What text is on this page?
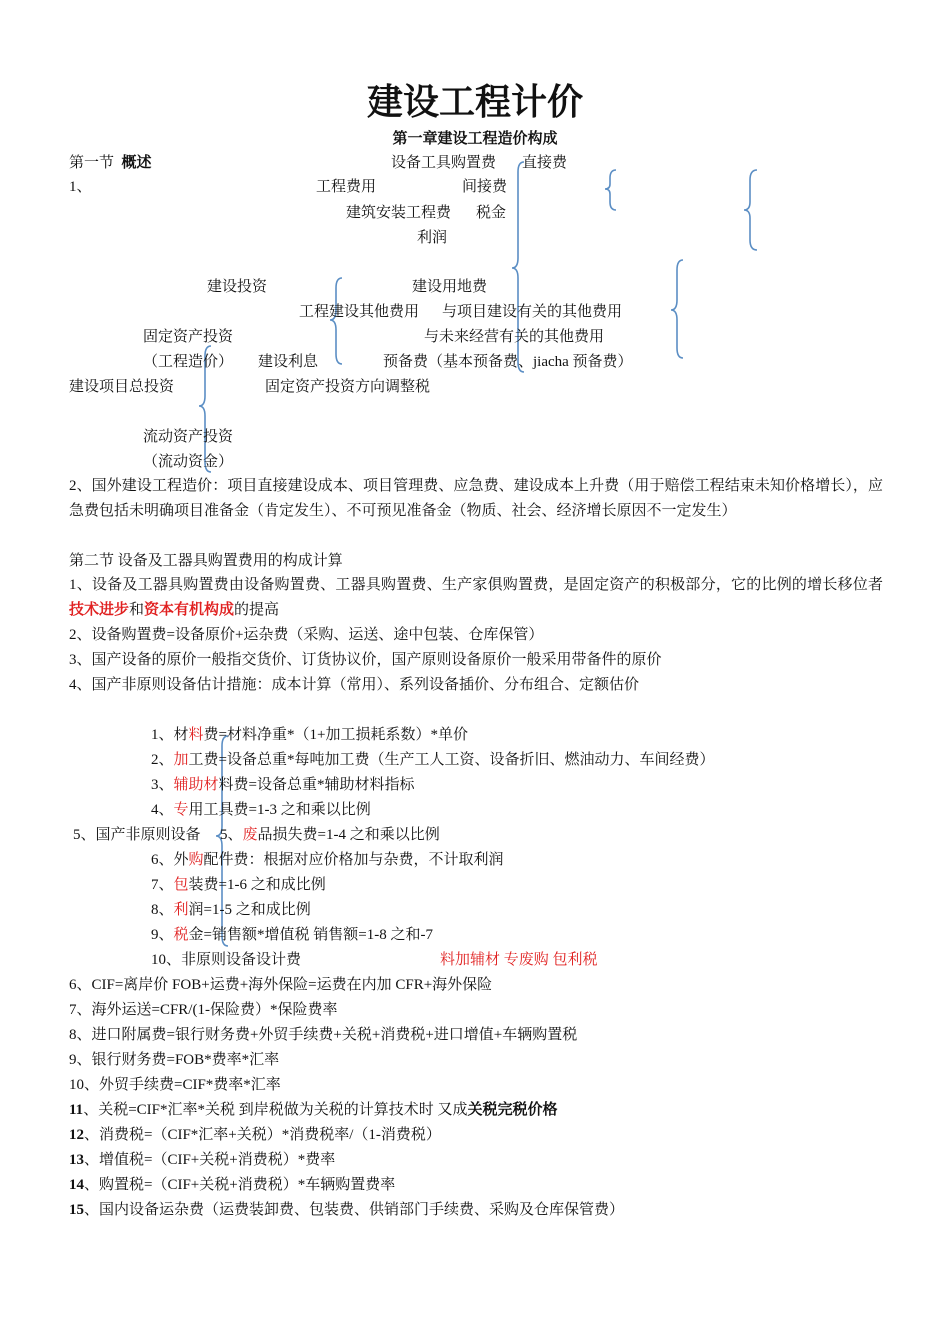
建设工程计价
第一章建设工程造价构成
第一节 概述	设备工具购置费 直接费
1、	工程费用	间接费
建筑安装工程费 税金
利润
建设投资	建设用地费
工程建设其他费用 与项目建设有关的其他费用
固定资产投资	与未来经营有关的其他费用
（工程造价） 建设利息	预备费（基本预备费、jiacha 预备费）
建设项目总投资	固定资产投资方向调整税
流动资产投资
（流动资金）
2、国外建设工程造价：项目直接建设成本、项目管理费、应急费、建设成本上升费（用于赔偿工程结束未知价格增长），应急费包括未明确项目准备金（肯定发生）、不可预见准备金（物质、社会、经济增长原因不一定发生）
第二节 设备及工器具购置费用的构成计算
1、设备及工器具购置费由设备购置费、工器具购置费、生产家俱购置费，是固定资产的积极部分，它的比例的增长移位者技术进步和资本有机构成的提高
2、设备购置费=设备原价+运杂费（采购、运送、途中包装、仓库保管）
3、国产设备的原价一般指交货价、订货协议价，国产原则设备原价一般采用带备件的原价
4、国产非原则设备估计措施：成本计算（常用）、系列设备插价、分布组合、定额估价
1、材料费=材料净重*（1+加工损耗系数）*单价
2、加工费=设备总重*每吨加工费（生产工人工资、设备折旧、燃油动力、车间经费）
3、辅助材料费=设备总重*辅助材料指标
4、专用工具费=1-3 之和乘以比例
5、国产非原则设备 5、废品损失费=1-4 之和乘以比例
6、外购配件费：根据对应价格加与杂费，不计取利润
7、包装费=1-6 之和成比例
8、利润=1-5 之和成比例
9、税金=销售额*增值税 销售额=1-8 之和-7
10、非原则设备设计费	料加辅材 专废购 包利税
6、CIF=离岸价 FOB+运费+海外保险=运费在内加 CFR+海外保险
7、海外运送=CFR/(1-保险费）*保险费率
8、进口附属费=银行财务费+外贸手续费+关税+消费税+进口增值+车辆购置税
9、银行财务费=FOB*费率*汇率
10、外贸手续费=CIF*费率*汇率
11、关税=CIF*汇率*关税 到岸税做为关税的计算技术时 又成关税完税价格
12、消费税=（CIF*汇率+关税）*消费税率/（1-消费税）
13、增值税=（CIF+关税+消费税）*费率
14、购置税=（CIF+关税+消费税）*车辆购置费率
15、国内设备运杂费（运费装卸费、包装费、供销部门手续费、采购及仓库保管费）
